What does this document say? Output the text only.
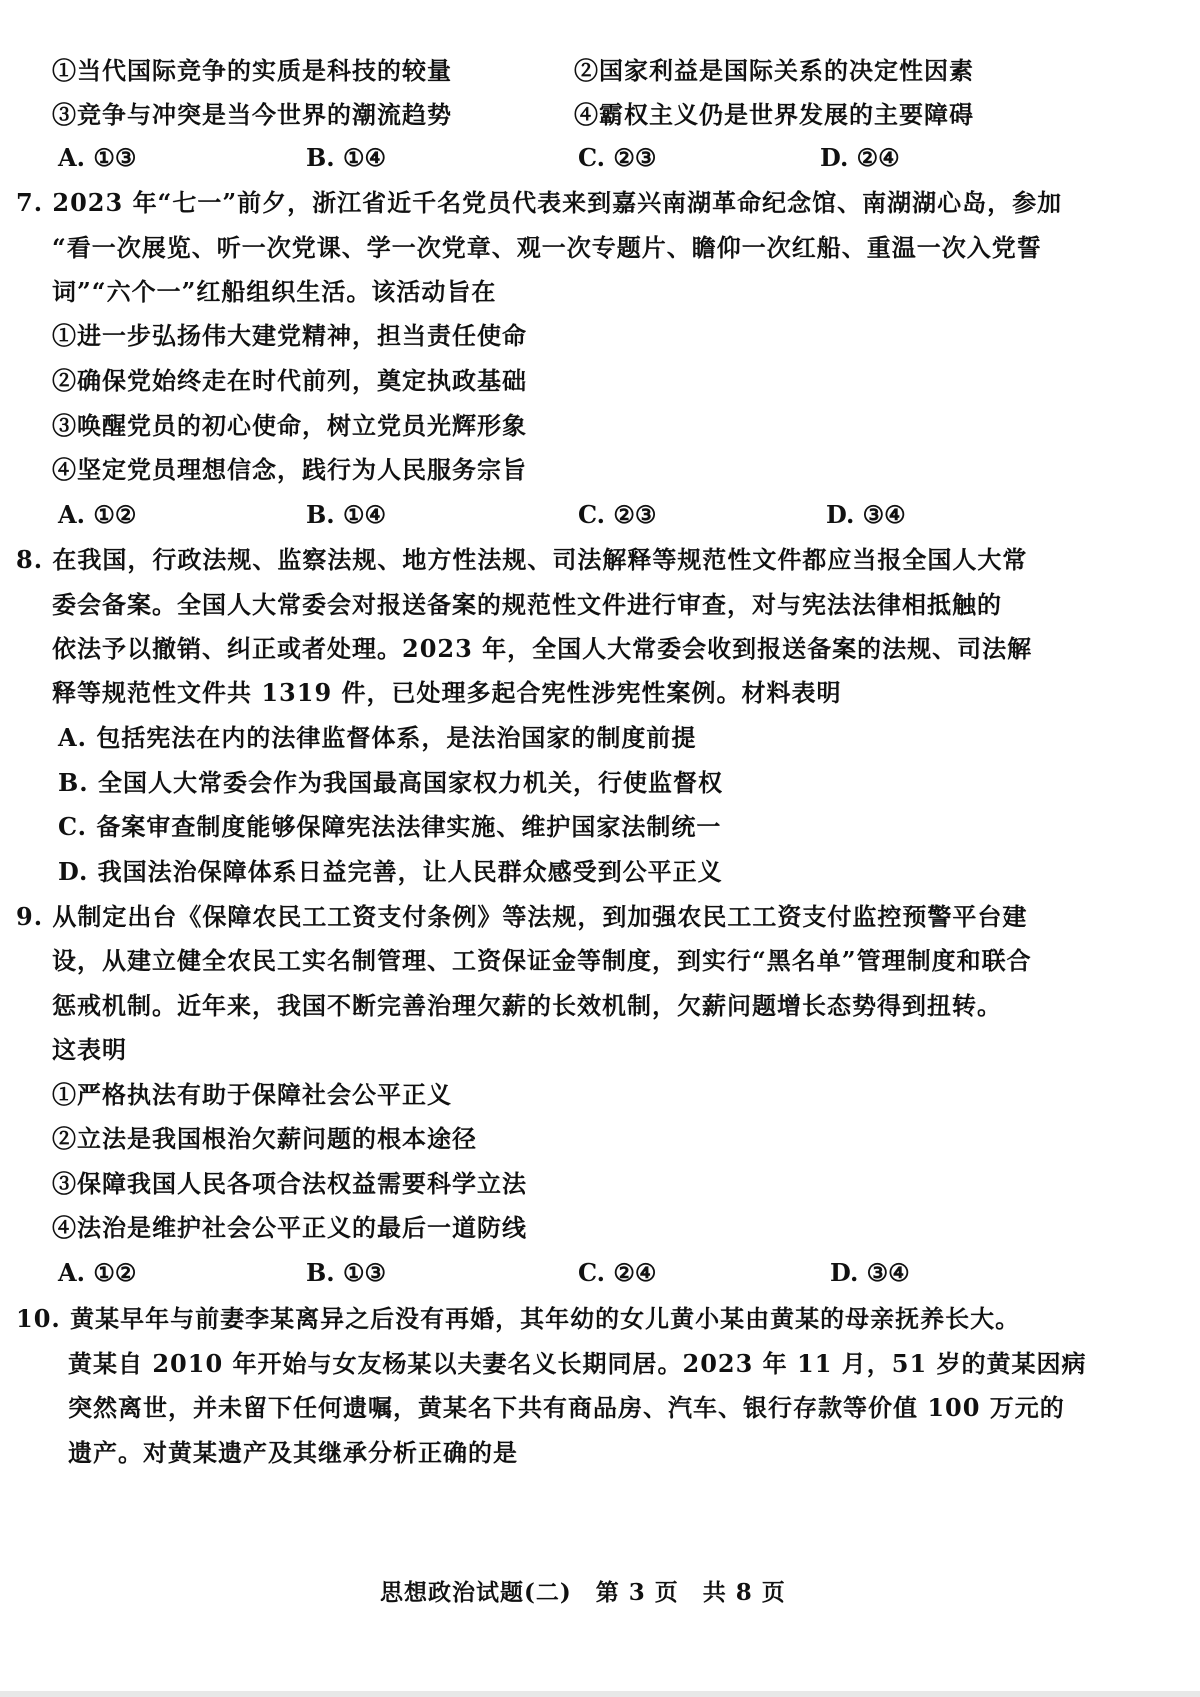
①当代国际竞争的实质是科技的较量	②国家利益是国际关系的决定性因素
③竞争与冲突是当今世界的潮流趋势	④霸权主义仍是世界发展的主要障碍
A. ①③	B. ①④	C. ②③	D. ②④
7. 2023 年“七一”前夕，浙江省近千名党员代表来到嘉兴南湖革命纪念馆、南湖湖心岛，参加
“看一次展览、听一次党课、学一次党章、观一次专题片、瞻仰一次红船、重温一次入党誓
词”“六个一”红船组织生活。该活动旨在
①进一步弘扬伟大建党精神，担当责任使命
②确保党始终走在时代前列，奠定执政基础
③唤醒党员的初心使命，树立党员光辉形象
④坚定党员理想信念，践行为人民服务宗旨
A. ①②	B. ①④	C. ②③	D. ③④
8. 在我国，行政法规、监察法规、地方性法规、司法解释等规范性文件都应当报全国人大常
委会备案。全国人大常委会对报送备案的规范性文件进行审查，对与宪法法律相抵触的
依法予以撤销、纠正或者处理。2023 年，全国人大常委会收到报送备案的法规、司法解
释等规范性文件共 1319 件，已处理多起合宪性涉宪性案例。材料表明
A. 包括宪法在内的法律监督体系，是法治国家的制度前提
B. 全国人大常委会作为我国最高国家权力机关，行使监督权
C. 备案审查制度能够保障宪法法律实施、维护国家法制统一
D. 我国法治保障体系日益完善，让人民群众感受到公平正义
9. 从制定出台《保障农民工工资支付条例》等法规，到加强农民工工资支付监控预警平台建
设，从建立健全农民工实名制管理、工资保证金等制度，到实行“黑名单”管理制度和联合
惩戒机制。近年来，我国不断完善治理欠薪的长效机制，欠薪问题增长态势得到扭转。
这表明
①严格执法有助于保障社会公平正义
②立法是我国根治欠薪问题的根本途径
③保障我国人民各项合法权益需要科学立法
④法治是维护社会公平正义的最后一道防线
A. ①②	B. ①③	C. ②④	D. ③④
10. 黄某早年与前妻李某离异之后没有再婚，其年幼的女儿黄小某由黄某的母亲抚养长大。
黄某自 2010 年开始与女友杨某以夫妻名义长期同居。2023 年 11 月，51 岁的黄某因病
突然离世，并未留下任何遗嘱，黄某名下共有商品房、汽车、银行存款等价值 100 万元的
遗产。对黄某遗产及其继承分析正确的是
思想政治试题(二)　第 3 页　共 8 页
